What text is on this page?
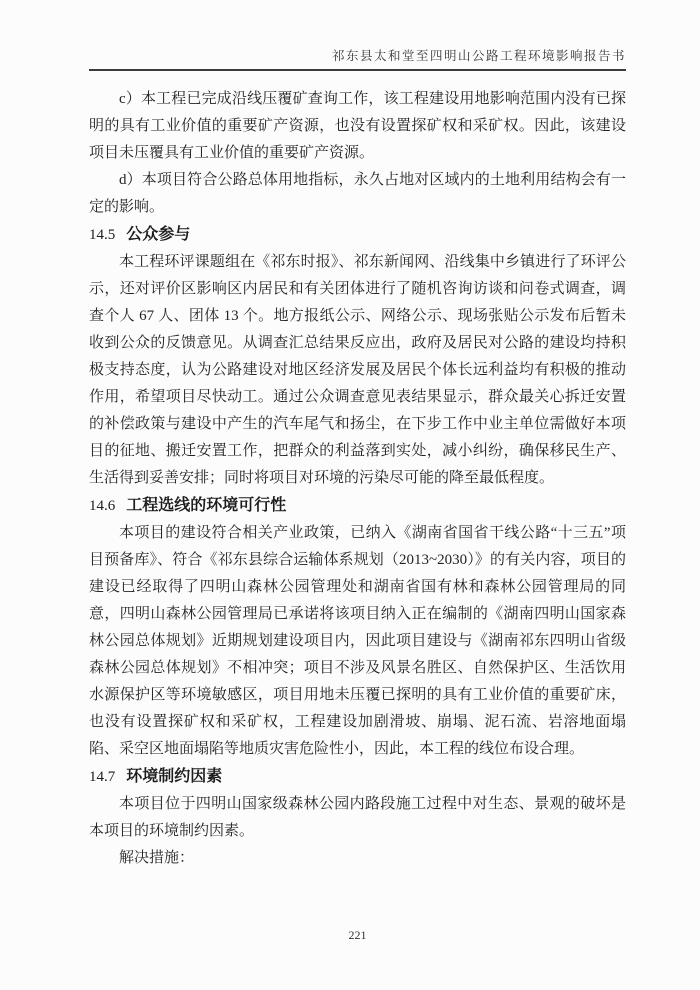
祁东县太和堂至四明山公路工程环境影响报告书

c）本工程已完成沿线压覆矿查询工作，该工程建设用地影响范围内没有已探明的具有工业价值的重要矿产资源，也没有设置探矿权和采矿权。因此，该建设项目未压覆具有工业价值的重要矿产资源。

d）本项目符合公路总体用地指标，永久占地对区域内的土地利用结构会有一定的影响。

14.5 公众参与

本工程环评课题组在《祁东时报》、祁东新闻网、沿线集中乡镇进行了环评公示，还对评价区影响区内居民和有关团体进行了随机咨询访谈和问卷式调查，调查个人 67 人、团体 13 个。地方报纸公示、网络公示、现场张贴公示发布后暂未收到公众的反馈意见。从调查汇总结果反应出，政府及居民对公路的建设均持积极支持态度，认为公路建设对地区经济发展及居民个体长远利益均有积极的推动作用，希望项目尽快动工。通过公众调查意见表结果显示，群众最关心拆迁安置的补偿政策与建设中产生的汽车尾气和扬尘，在下步工作中业主单位需做好本项目的征地、搬迁安置工作，把群众的利益落到实处，减小纠纷，确保移民生产、生活得到妥善安排；同时将项目对环境的污染尽可能的降至最低程度。

14.6 工程选线的环境可行性

本项目的建设符合相关产业政策，已纳入《湖南省国省干线公路“十三五”项目预备库》、符合《祁东县综合运输体系规划（2013~2030）》的有关内容，项目的建设已经取得了四明山森林公园管理处和湖南省国有林和森林公园管理局的同意，四明山森林公园管理局已承诺将该项目纳入正在编制的《湖南四明山国家森林公园总体规划》近期规划建设项目内，因此项目建设与《湖南祁东四明山省级森林公园总体规划》不相冲突；项目不涉及风景名胜区、自然保护区、生活饮用水源保护区等环境敏感区，项目用地未压覆已探明的具有工业价值的重要矿床，也没有设置探矿权和采矿权，工程建设加剧滑坡、崩塌、泥石流、岩溶地面塌陷、采空区地面塌陷等地质灾害危险性小，因此，本工程的线位布设合理。

14.7 环境制约因素

本项目位于四明山国家级森林公园内路段施工过程中对生态、景观的破坏是本项目的环境制约因素。

解决措施：

221
